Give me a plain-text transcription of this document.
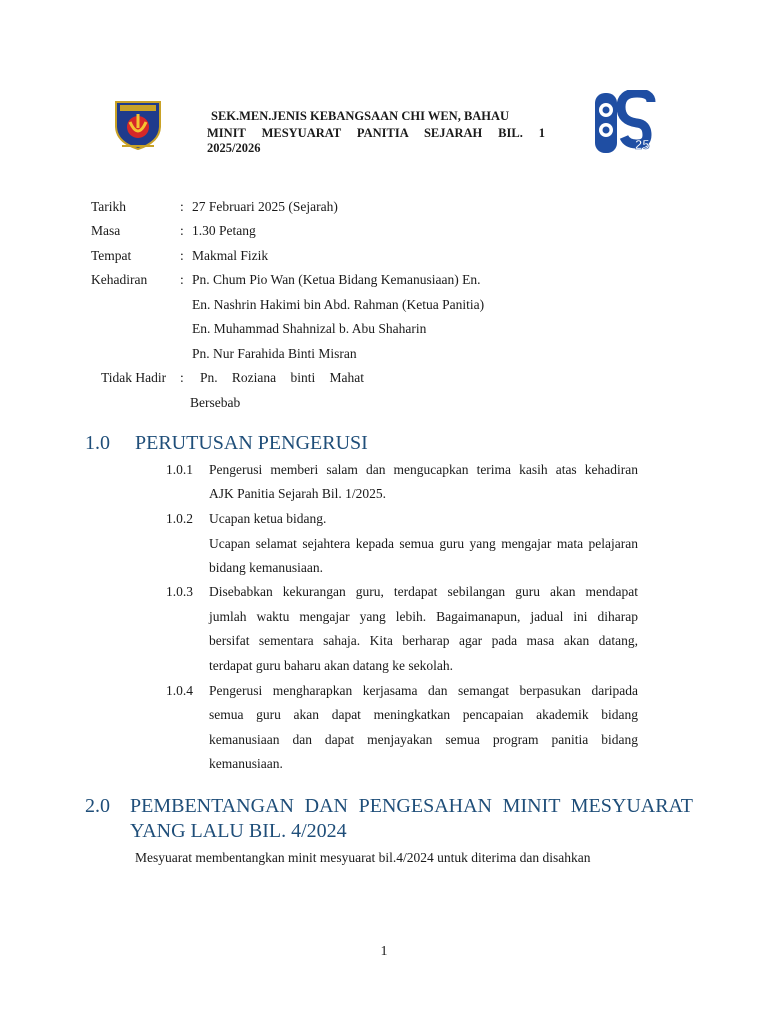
25
SEK.MEN.JENIS KEBANGSAAN CHI WEN, BAHAU
MINIT MESYUARAT PANITIA SEJARAH BIL. 1
2025/2026
Tarikh	: 27 Februari 2025 (Sejarah)
Masa	: 1.30 Petang
Tempat	: Makmal Fizik
Kehadiran : Pn. Chum Pio Wan (Ketua Bidang Kemanusiaan) En.
En. Nashrin Hakimi bin Abd. Rahman (Ketua Panitia)
En. Muhammad Shahnizal b. Abu Shaharin
Pn. Nur Farahida Binti Misran
Tidak Hadir : Pn. Roziana binti Mahat
Bersebab
1.0 PERUTUSAN PENGERUSI
1.0.1 Pengerusi memberi salam dan mengucapkan terima kasih atas kehadiran
AJK Panitia Sejarah Bil. 1/2025.
1.0.2 Ucapan ketua bidang.
Ucapan selamat sejahtera kepada semua guru yang mengajar mata pelajaran
bidang kemanusiaan.
1.0.3 Disebabkan kekurangan guru, terdapat sebilangan guru akan mendapat
jumlah waktu mengajar yang lebih. Bagaimanapun, jadual ini diharap
bersifat sementara sahaja. Kita berharap agar pada masa akan datang,
terdapat guru baharu akan datang ke sekolah.
1.0.4 Pengerusi mengharapkan kerjasama dan semangat berpasukan daripada
semua guru akan dapat meningkatkan pencapaian akademik bidang
kemanusiaan dan dapat menjayakan semua program panitia bidang
kemanusiaan.
2.0 PEMBENTANGAN DAN PENGESAHAN MINIT MESYUARAT
YANG LALU BIL. 4/2024
Mesyuarat membentangkan minit mesyuarat bil.4/2024 untuk diterima dan disahkan
1
